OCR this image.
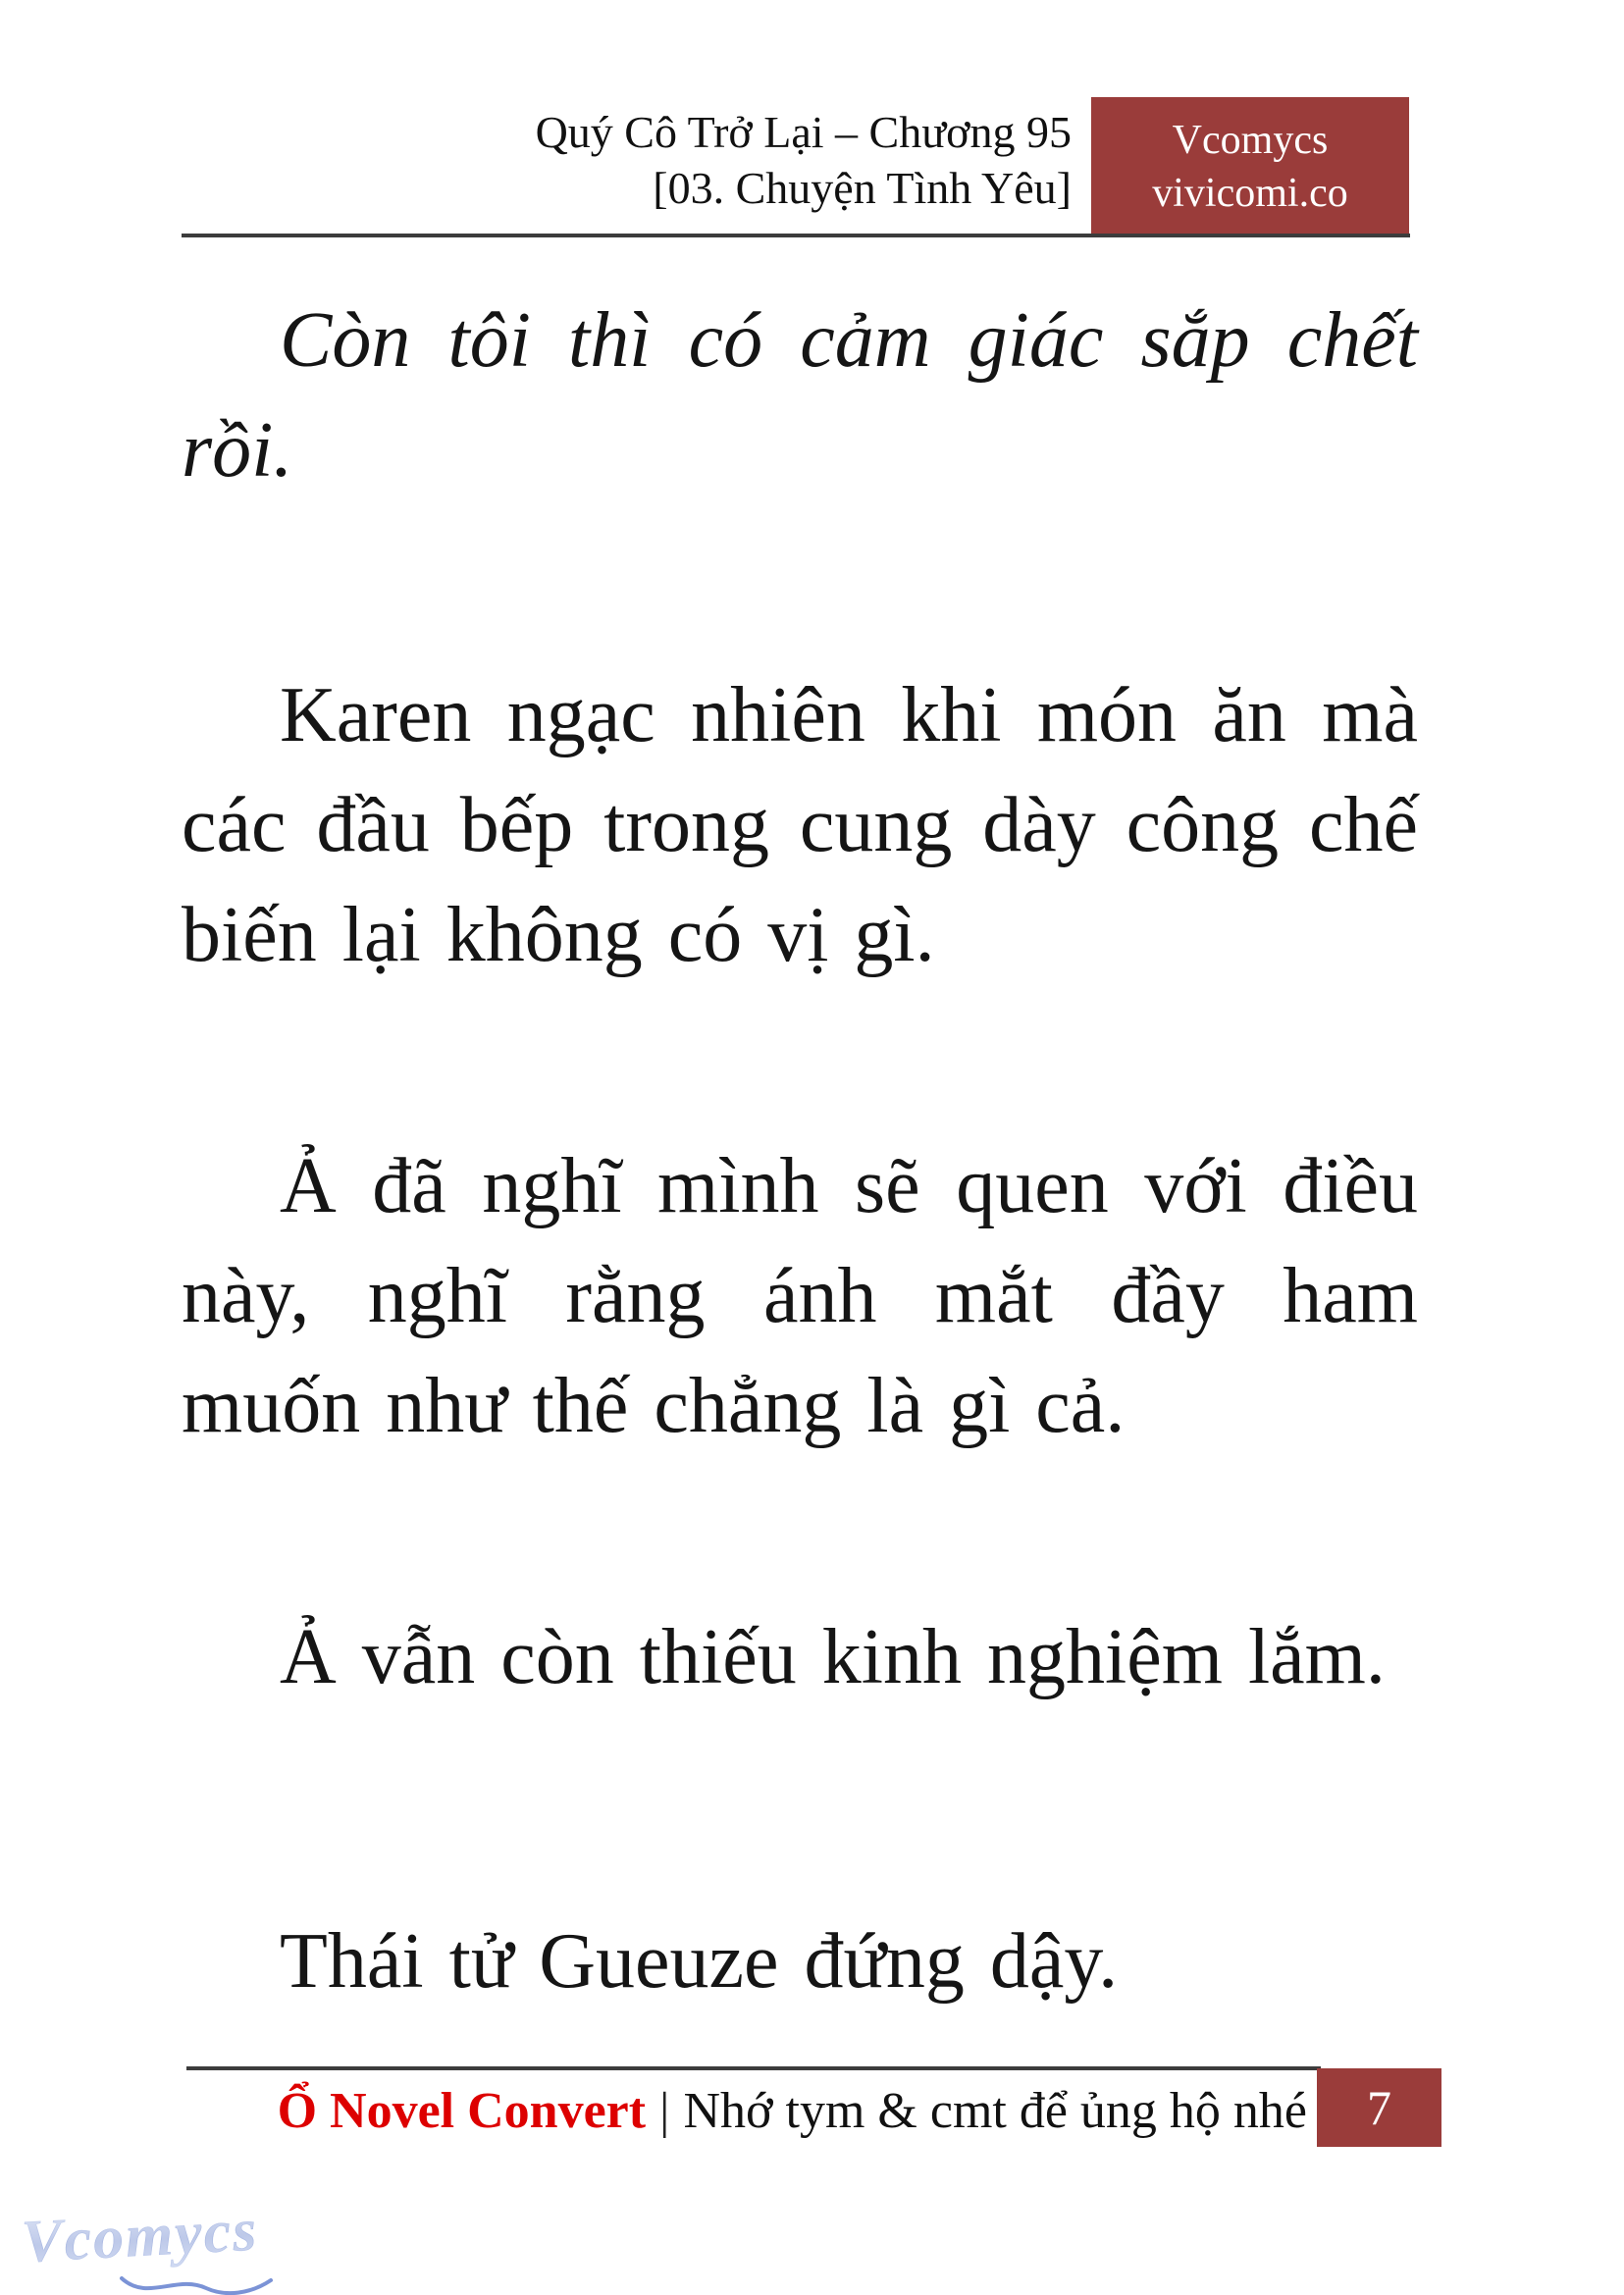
Quý Cô Trở Lại – Chương 95
[03. Chuyện Tình Yêu]
Vcomycs
vivicomi.co

Còn tôi thì có cảm giác sắp chết rồi.

Karen ngạc nhiên khi món ăn mà các đầu bếp trong cung dày công chế biến lại không có vị gì.

Ả đã nghĩ mình sẽ quen với điều này, nghĩ rằng ánh mắt đầy ham muốn như thế chẳng là gì cả.

Ả vẫn còn thiếu kinh nghiệm lắm.

Thái tử Gueuze đứng dậy.

Ổ Novel Convert | Nhớ tym & cmt để ủng hộ nhé 7
Vcomycs
